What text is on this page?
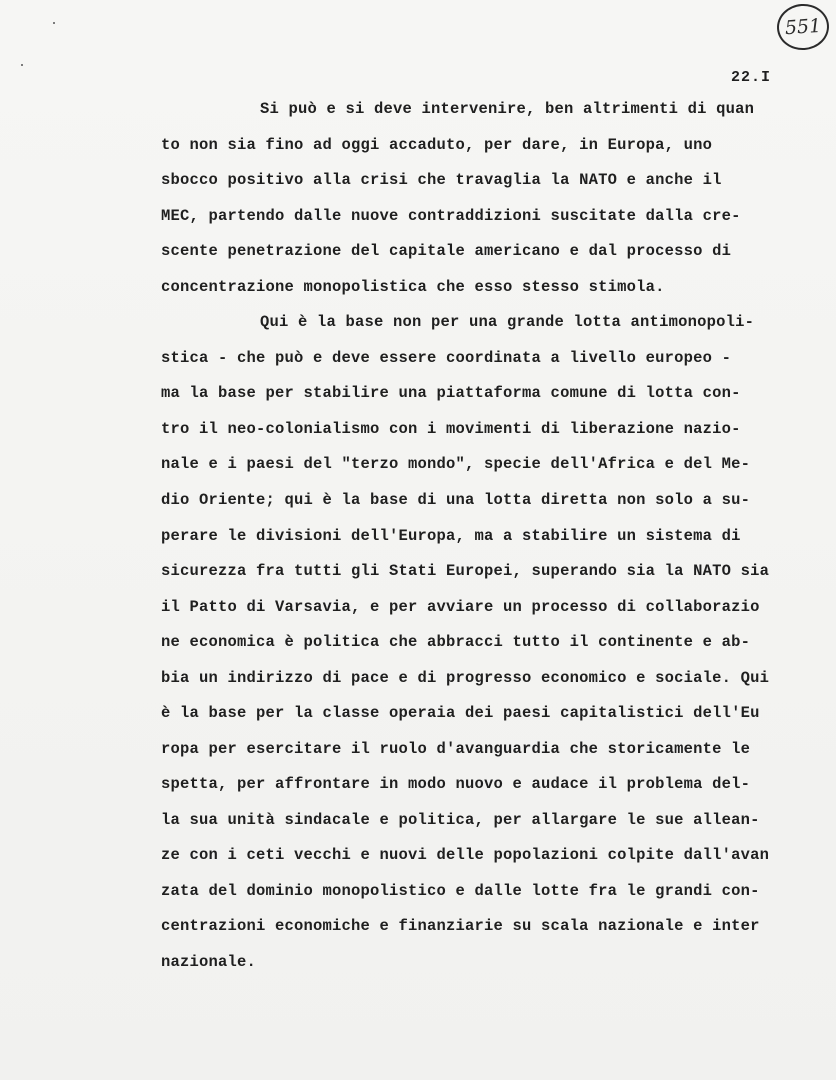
551
22.I
Si può e si deve intervenire, ben altrimenti di quan
to non sia fino ad oggi accaduto, per dare, in Europa, uno
sbocco positivo alla crisi che travaglia la NATO e anche il
MEC, partendo dalle nuove contraddizioni suscitate dalla cre-
scente penetrazione del capitale americano e dal processo di
concentrazione monopolistica che esso stesso stimola.
Qui è la base non per una grande lotta antimonopoli-
stica - che può e deve essere coordinata a livello europeo -
ma la base per stabilire una piattaforma comune di lotta con-
tro il neo-colonialismo con i movimenti di liberazione nazio-
nale e i paesi del "terzo mondo", specie dell'Africa e del Me-
dio Oriente; qui è la base di una lotta diretta non solo a su-
perare le divisioni dell'Europa, ma a stabilire un sistema di
sicurezza fra tutti gli Stati Europei, superando sia la NATO sia
il Patto di Varsavia, e per avviare un processo di collaborazio
ne economica è politica che abbracci tutto il continente e ab-
bia un indirizzo di pace e di progresso economico e sociale. Qui
è la base per la classe operaia dei paesi capitalistici dell'Eu
ropa per esercitare il ruolo d'avanguardia che storicamente le
spetta, per affrontare in modo nuovo e audace il problema del-
la sua unità sindacale e politica, per allargare le sue allean-
ze con i ceti vecchi e nuovi delle popolazioni colpite dall'avan
zata del dominio monopolistico e dalle lotte fra le grandi con-
centrazioni economiche e finanziarie su scala nazionale e inter
nazionale.
